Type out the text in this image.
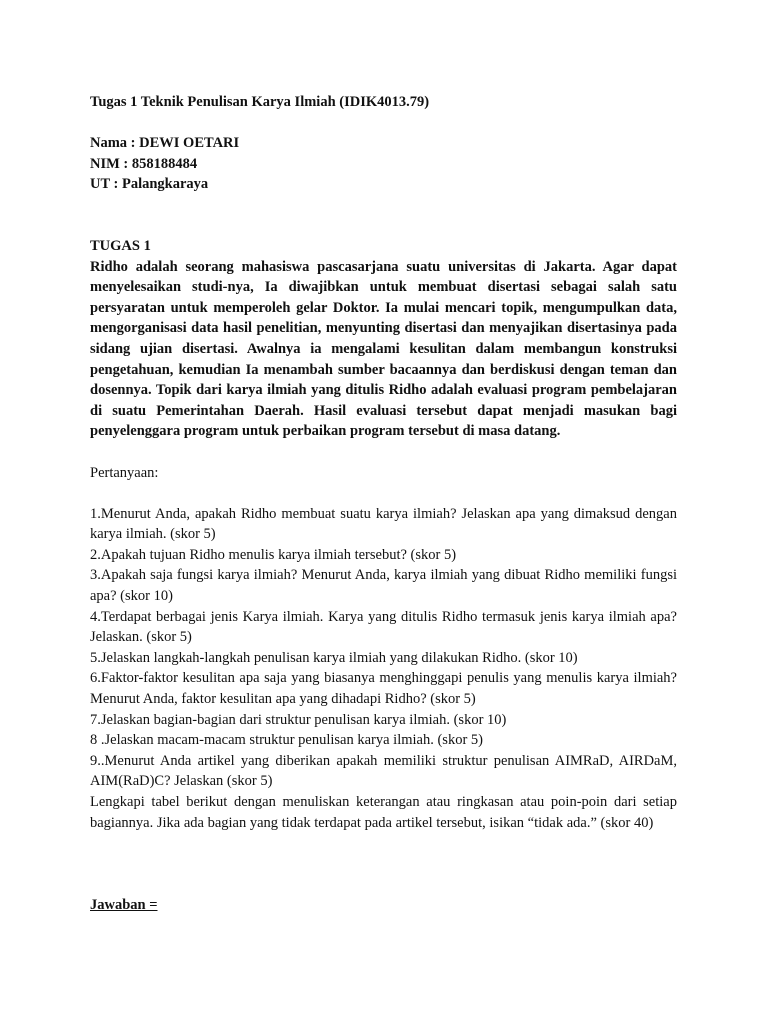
Tugas 1 Teknik Penulisan Karya Ilmiah (IDIK4013.79)

Nama : DEWI OETARI

NIM : 858188484

UT : Palangkaraya

TUGAS 1

Ridho adalah seorang mahasiswa pascasarjana suatu universitas di Jakarta. Agar dapat menyelesaikan studi-nya, Ia diwajibkan untuk membuat disertasi sebagai salah satu persyaratan untuk memperoleh gelar Doktor. Ia mulai mencari topik, mengumpulkan data, mengorganisasi data hasil penelitian, menyunting disertasi dan menyajikan disertasinya pada sidang ujian disertasi. Awalnya ia mengalami kesulitan dalam membangun konstruksi pengetahuan, kemudian Ia menambah sumber bacaannya dan berdiskusi dengan teman dan dosennya. Topik dari karya ilmiah yang ditulis Ridho adalah evaluasi program pembelajaran di suatu Pemerintahan Daerah. Hasil evaluasi tersebut dapat menjadi masukan bagi penyelenggara program untuk perbaikan program tersebut di masa datang.

Pertanyaan:

1.Menurut Anda, apakah Ridho membuat suatu karya ilmiah? Jelaskan apa yang dimaksud dengan karya ilmiah. (skor 5)

2.Apakah tujuan Ridho menulis karya ilmiah tersebut? (skor 5)

3.Apakah saja fungsi karya ilmiah? Menurut Anda, karya ilmiah yang dibuat Ridho memiliki fungsi apa? (skor 10)

4.Terdapat berbagai jenis Karya ilmiah. Karya yang ditulis Ridho termasuk jenis karya ilmiah apa?Jelaskan. (skor 5)

5.Jelaskan langkah-langkah penulisan karya ilmiah yang dilakukan Ridho. (skor 10)

6.Faktor-faktor kesulitan apa saja yang biasanya menghinggapi penulis yang menulis karya ilmiah? Menurut Anda, faktor kesulitan apa yang dihadapi Ridho? (skor 5)

7.Jelaskan bagian-bagian dari struktur penulisan karya ilmiah. (skor 10)

8 .Jelaskan macam-macam struktur penulisan karya ilmiah. (skor 5)

9..Menurut Anda artikel yang diberikan apakah memiliki struktur penulisan AIMRaD, AIRDaM, AIM(RaD)C? Jelaskan (skor 5)

Lengkapi tabel berikut dengan menuliskan keterangan atau ringkasan atau poin-poin dari setiap bagiannya. Jika ada bagian yang tidak terdapat pada artikel tersebut, isikan “tidak ada.” (skor 40)

Jawaban =
